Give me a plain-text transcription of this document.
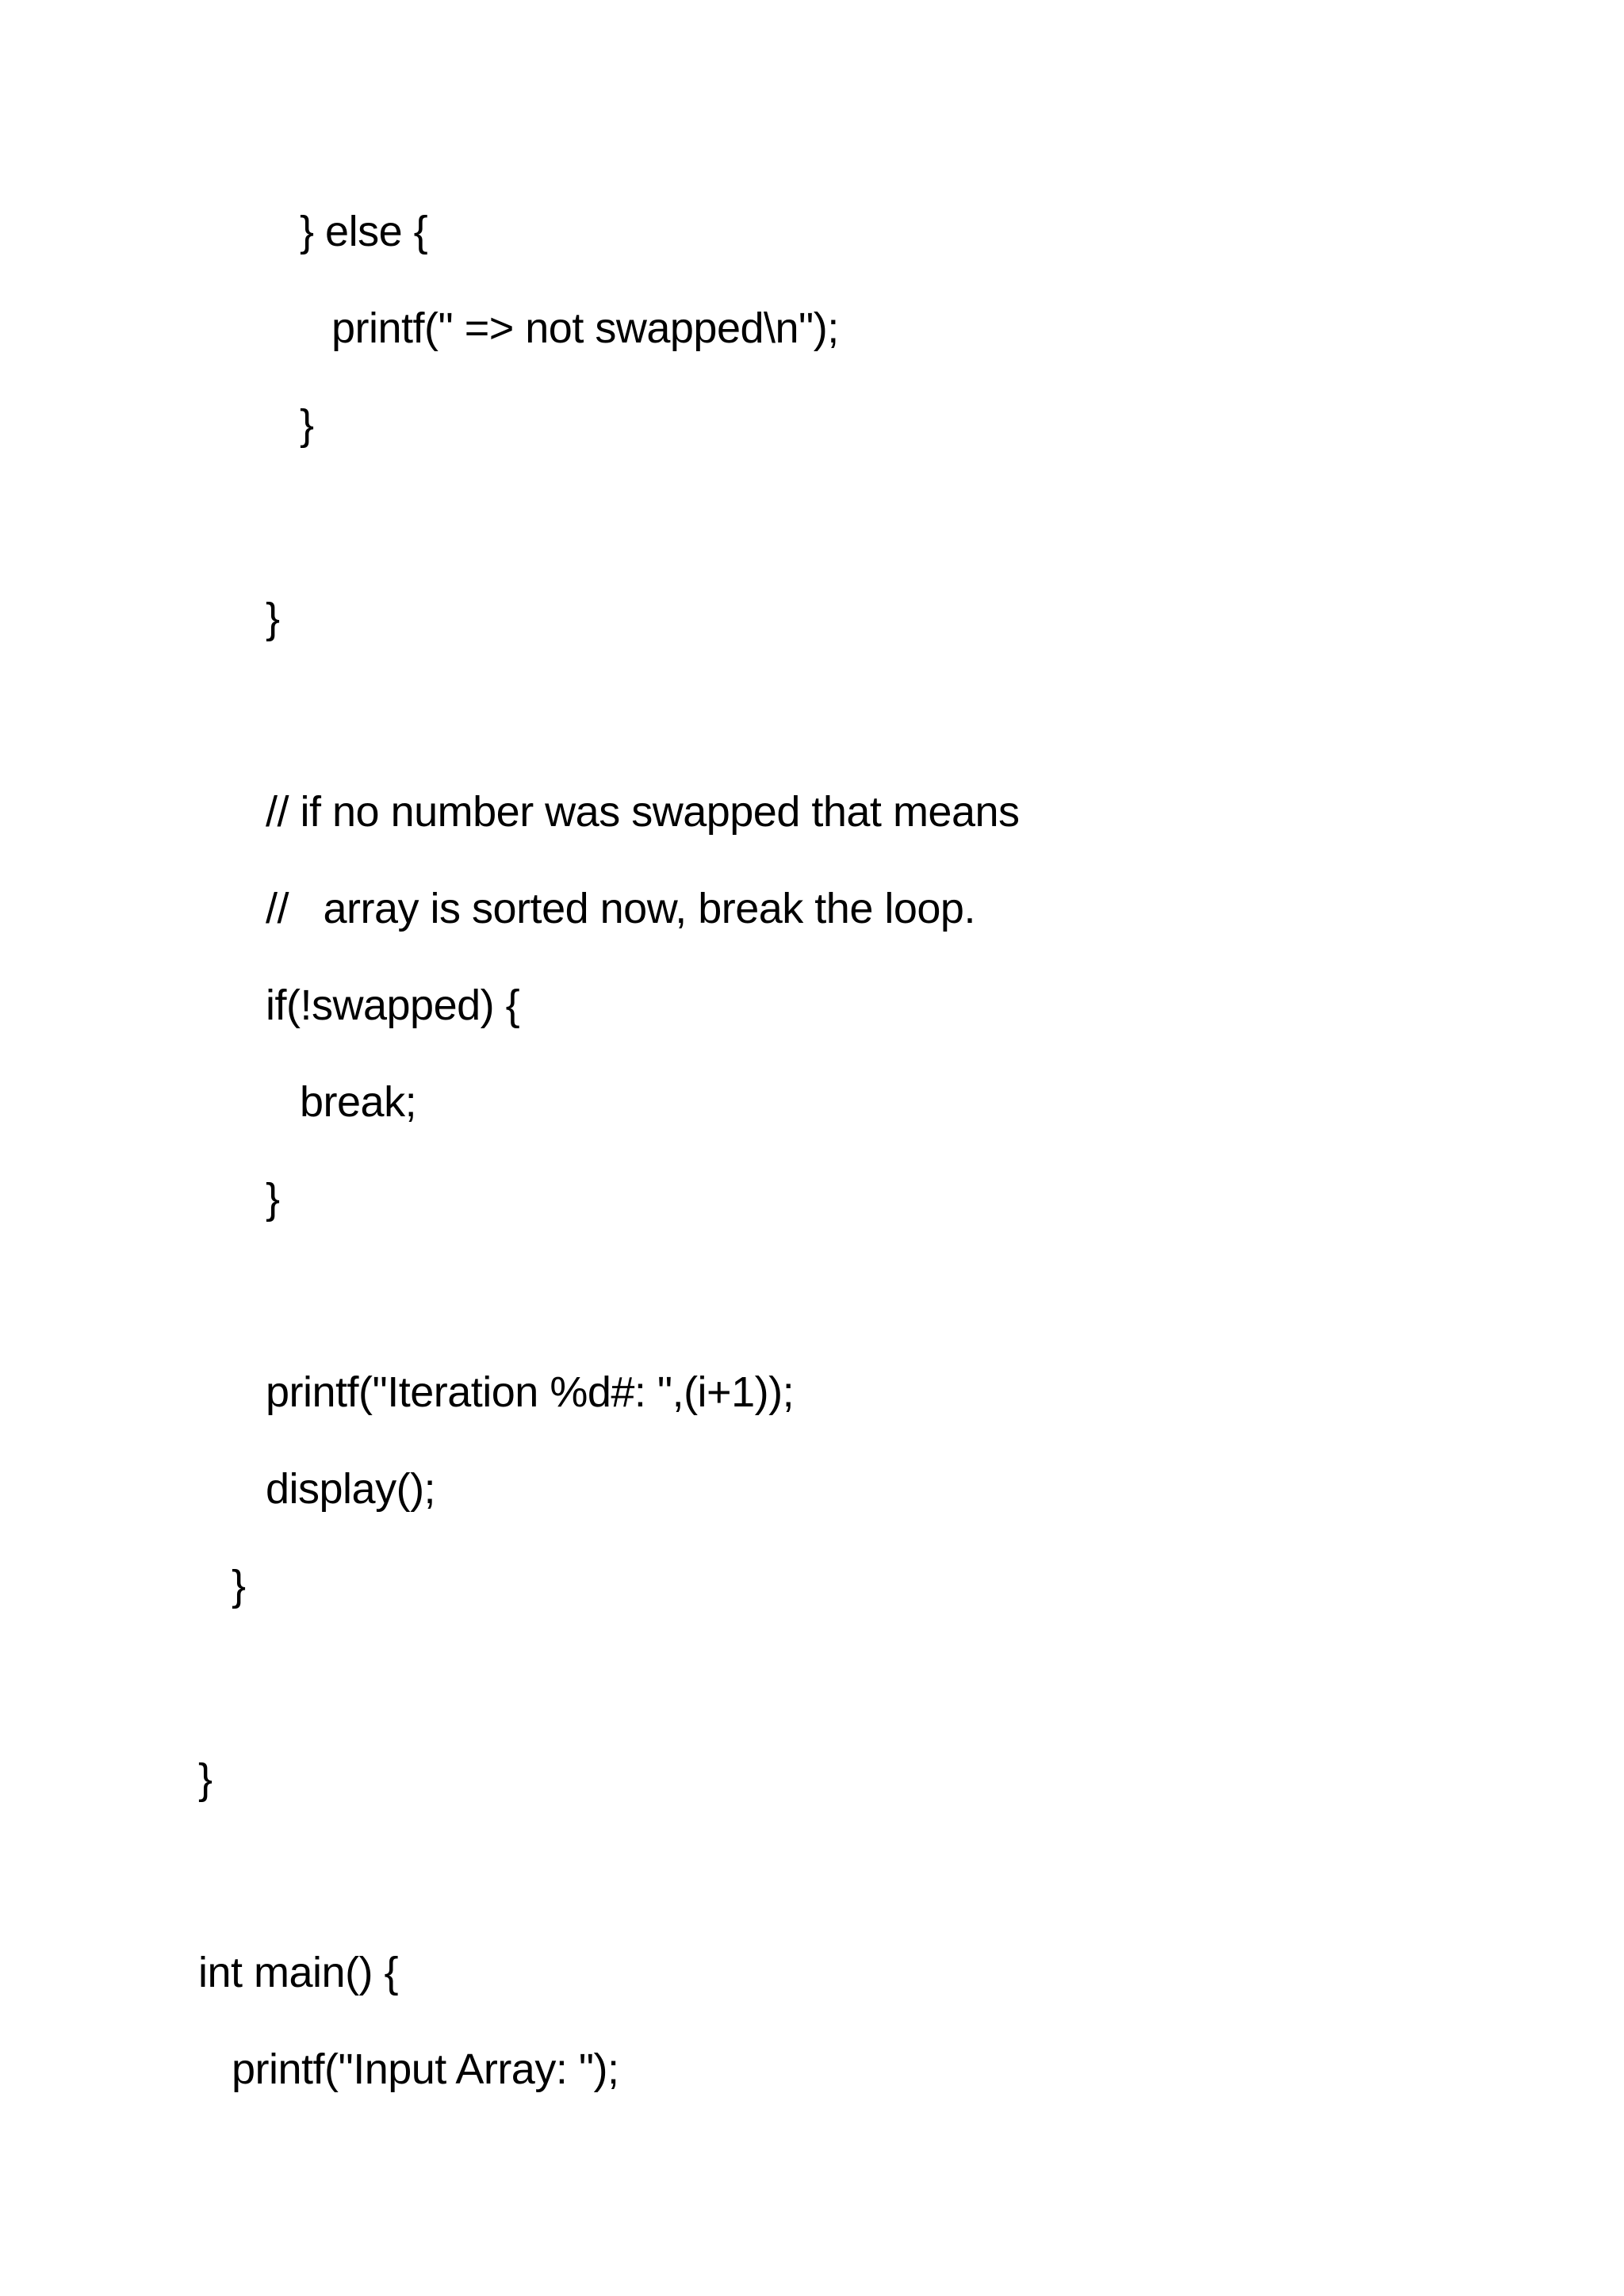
} else {
printf(" => not swapped\n");
}
}
// if no number was swapped that means
//   array is sorted now, break the loop.
if(!swapped) {
break;
}
printf("Iteration %d#: ",(i+1));
display();
}
}
int main() {
printf("Input Array: ");
